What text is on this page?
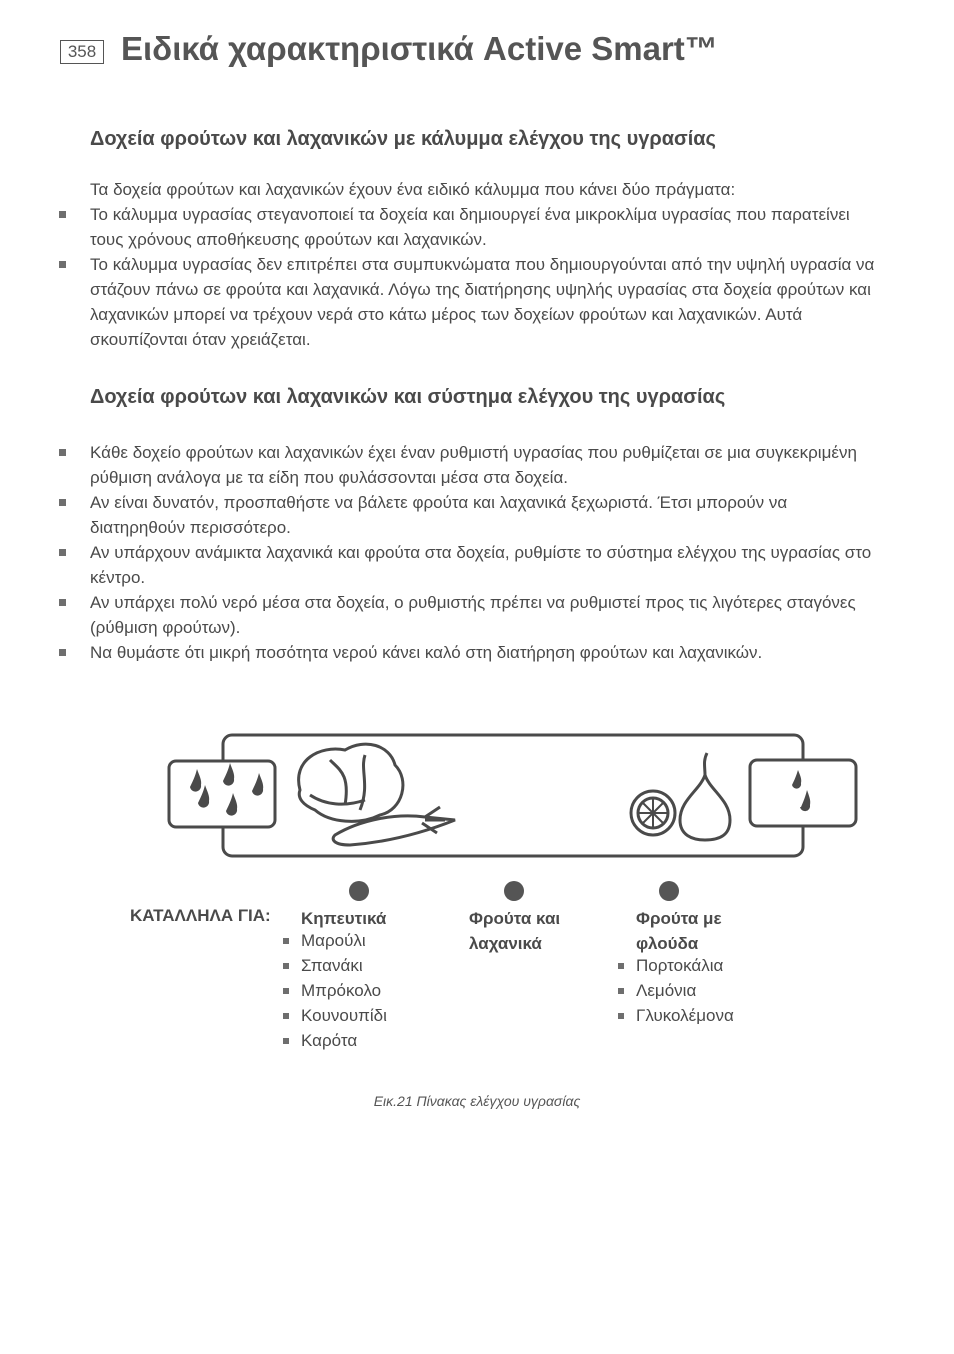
358 Ειδικά χαρακτηριστικά Active Smart™
Δοχεία φρούτων και λαχανικών με κάλυμμα ελέγχου της υγρασίας

Τα δοχεία φρούτων και λαχανικών έχουν ένα ειδικό κάλυμμα που κάνει δύο πράγματα:

Το κάλυμμα υγρασίας στεγανοποιεί τα δοχεία και δημιουργεί ένα μικροκλίμα υγρασίας που παρατείνει τους χρόνους αποθήκευσης φρούτων και λαχανικών.
Το κάλυμμα υγρασίας δεν επιτρέπει στα συμπυκνώματα που δημιουργούνται από την υψηλή υγρασία να στάζουν πάνω σε φρούτα και λαχανικά. Λόγω της διατήρησης υψηλής υγρασίας στα δοχεία φρούτων και λαχανικών μπορεί να τρέχουν νερά στο κάτω μέρος των δοχείων φρούτων και λαχανικών. Αυτά σκουπίζονται όταν χρειάζεται.
Δοχεία φρούτων και λαχανικών και σύστημα ελέγχου της υγρασίας
Κάθε δοχείο φρούτων και λαχανικών έχει έναν ρυθμιστή υγρασίας που ρυθμίζεται σε μια συγκεκριμένη ρύθμιση ανάλογα με τα είδη που φυλάσσονται μέσα στα δοχεία.
Αν είναι δυνατόν, προσπαθήστε να βάλετε φρούτα και λαχανικά ξεχωριστά. Έτσι μπορούν να διατηρηθούν περισσότερο.
Αν υπάρχουν ανάμικτα λαχανικά και φρούτα στα δοχεία, ρυθμίστε το σύστημα ελέγχου της υγρασίας στο κέντρο.
Αν υπάρχει πολύ νερό μέσα στα δοχεία, ο ρυθμιστής πρέπει να ρυθμιστεί προς τις λιγότερες σταγόνες (ρύθμιση φρούτων).
Να θυμάστε ότι μικρή ποσότητα νερού κάνει καλό στη διατήρηση φρούτων και λαχανικών.
ΚΑΤΑΛΛΗΛΑ ΓΙΑ: Κηπευτικά
Μαρούλι
Σπανάκι
Μπρόκολο
Κουνουπίδι
Καρότα
Φρούτα και
λαχανικά
Φρούτα με
φλούδα
Πορτοκάλια
Λεμόνια
Γλυκολέμονα
Εικ.21 Πίνακας ελέγχου υγρασίας
